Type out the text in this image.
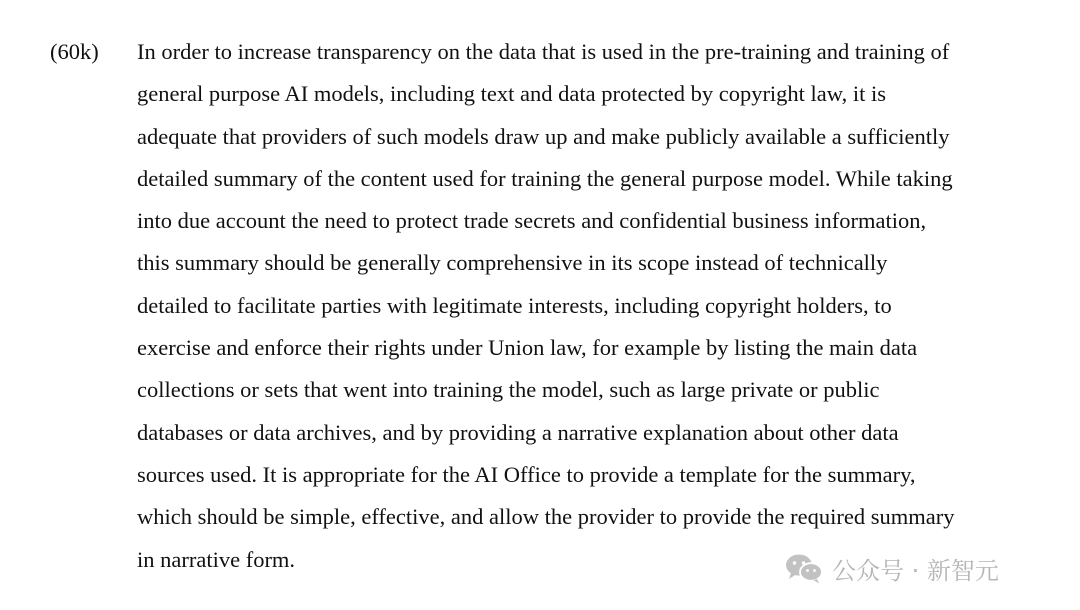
(60k) In order to increase transparency on the data that is used in the pre-training and training of
general purpose AI models, including text and data protected by copyright law, it is
adequate that providers of such models draw up and make publicly available a sufficiently
detailed summary of the content used for training the general purpose model. While taking
into due account the need to protect trade secrets and confidential business information,
this summary should be generally comprehensive in its scope instead of technically
detailed to facilitate parties with legitimate interests, including copyright holders, to
exercise and enforce their rights under Union law, for example by listing the main data
collections or sets that went into training the model, such as large private or public
databases or data archives, and by providing a narrative explanation about other data
sources used. It is appropriate for the AI Office to provide a template for the summary,
which should be simple, effective, and allow the provider to provide the required summary
in narrative form.	公众号 · 新智元
